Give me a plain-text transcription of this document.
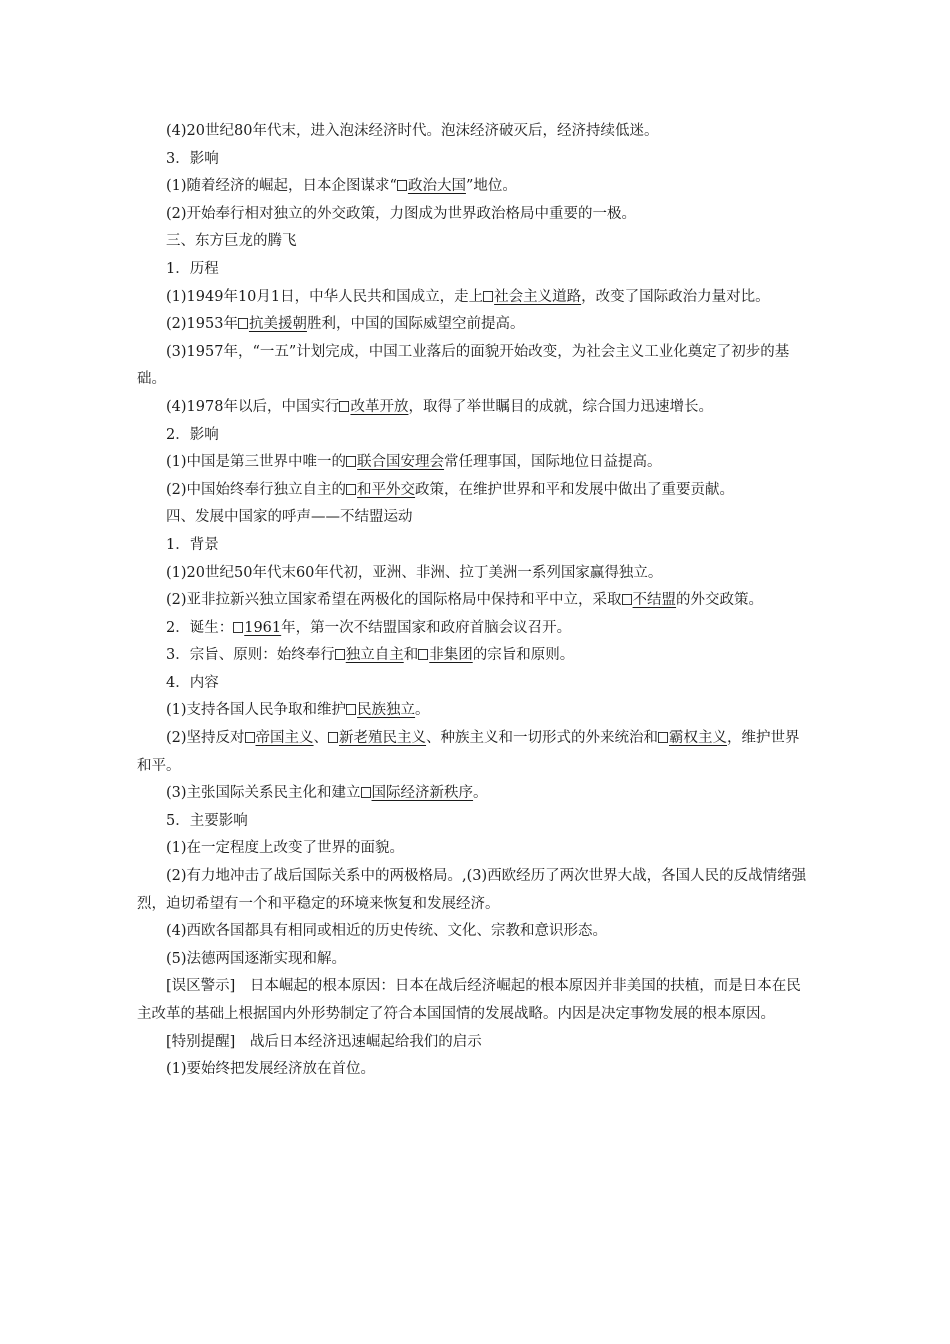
(4)20世纪80年代末，进入泡沫经济时代。泡沫经济破灭后，经济持续低迷。

3．影响

(1)随着经济的崛起，日本企图谋求“ 政治大国”地位。

(2)开始奉行相对独立的外交政策，力图成为世界政治格局中重要的一极。

三、东方巨龙的腾飞

1．历程

(1)1949年10月1日，中华人民共和国成立，走上 社会主义道路，改变了国际政治力量对比。

(2)1953年 抗美援朝胜利，中国的国际威望空前提高。

(3)1957年，“一五”计划完成，中国工业落后的面貌开始改变，为社会主义工业化奠定了初步的基础。

(4)1978年以后，中国实行 改革开放，取得了举世瞩目的成就，综合国力迅速增长。

2．影响

(1)中国是第三世界中唯一的 联合国安理会常任理事国，国际地位日益提高。

(2)中国始终奉行独立自主的 和平外交政策，在维护世界和平和发展中做出了重要贡献。

四、发展中国家的呼声——不结盟运动

1．背景

(1)20世纪50年代末60年代初，亚洲、非洲、拉丁美洲一系列国家赢得独立。

(2)亚非拉新兴独立国家希望在两极化的国际格局中保持和平中立，采取 不结盟的外交政策。

2．诞生： 1961年，第一次不结盟国家和政府首脑会议召开。

3．宗旨、原则：始终奉行 独立自主和 非集团的宗旨和原则。

4．内容

(1)支持各国人民争取和维护 民族独立。

(2)坚持反对 帝国主义、 新老殖民主义、种族主义和一切形式的外来统治和 霸权主义，维护世界和平。

(3)主张国际关系民主化和建立 国际经济新秩序。

5．主要影响

(1)在一定程度上改变了世界的面貌。

(2)有力地冲击了战后国际关系中的两极格局。,(3)西欧经历了两次世界大战，各国人民的反战情绪强烈，迫切希望有一个和平稳定的环境来恢复和发展经济。

(4)西欧各国都具有相同或相近的历史传统、文化、宗教和意识形态。

(5)法德两国逐渐实现和解。

[误区警示]　日本崛起的根本原因：日本在战后经济崛起的根本原因并非美国的扶植，而是日本在民主改革的基础上根据国内外形势制定了符合本国国情的发展战略。内因是决定事物发展的根本原因。

[特别提醒]　战后日本经济迅速崛起给我们的启示

(1)要始终把发展经济放在首位。
